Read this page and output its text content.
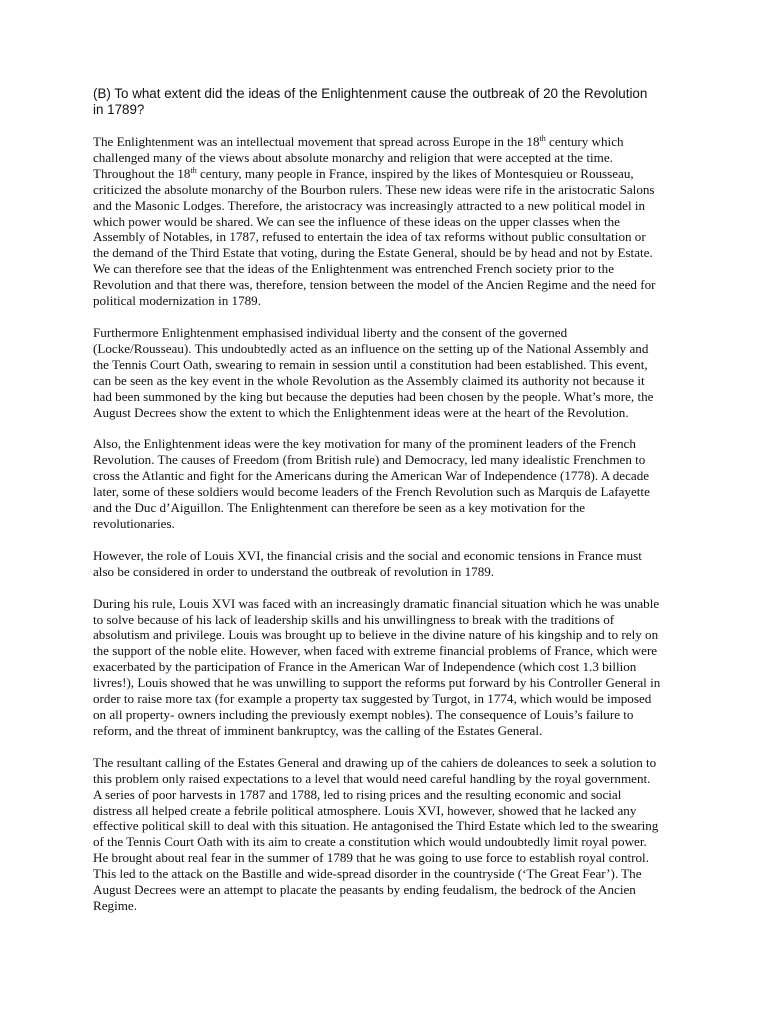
(B) To what extent did the ideas of the Enlightenment cause the outbreak of 20 the Revolution in 1789?

The Enlightenment was an intellectual movement that spread across Europe in the 18th century which challenged many of the views about absolute monarchy and religion that were accepted at the time. Throughout the 18th century, many people in France, inspired by the likes of Montesquieu or Rousseau, criticized the absolute monarchy of the Bourbon rulers. These new ideas were rife in the aristocratic Salons and the Masonic Lodges. Therefore, the aristocracy was increasingly attracted to a new political model in which power would be shared. We can see the influence of these ideas on the upper classes when the Assembly of Notables, in 1787, refused to entertain the idea of tax reforms without public consultation or the demand of the Third Estate that voting, during the Estate General, should be by head and not by Estate. We can therefore see that the ideas of the Enlightenment was entrenched French society prior to the Revolution and that there was, therefore, tension between the model of the Ancien Regime and the need for political modernization in 1789.

Furthermore Enlightenment emphasised individual liberty and the consent of the governed (Locke/Rousseau). This undoubtedly acted as an influence on the setting up of the National Assembly and the Tennis Court Oath, swearing to remain in session until a constitution had been established. This event, can be seen as the key event in the whole Revolution as the Assembly claimed its authority not because it had been summoned by the king but because the deputies had been chosen by the people. What’s more, the August Decrees show the extent to which the Enlightenment ideas were at the heart of the Revolution.

Also, the Enlightenment ideas were the key motivation for many of the prominent leaders of the French Revolution. The causes of Freedom (from British rule) and Democracy, led many idealistic Frenchmen to cross the Atlantic and fight for the Americans during the American War of Independence (1778). A decade later, some of these soldiers would become leaders of the French Revolution such as Marquis de Lafayette and the Duc d’Aiguillon. The Enlightenment can therefore be seen as a key motivation for the revolutionaries.

However, the role of Louis XVI, the financial crisis and the social and economic tensions in France must also be considered in order to understand the outbreak of revolution in 1789.

During his rule, Louis XVI was faced with an increasingly dramatic financial situation which he was unable to solve because of his lack of leadership skills and his unwillingness to break with the traditions of absolutism and privilege. Louis was brought up to believe in the divine nature of his kingship and to rely on the support of the noble elite. However, when faced with extreme financial problems of France, which were exacerbated by the participation of France in the American War of Independence (which cost 1.3 billion livres!), Louis showed that he was unwilling to support the reforms put forward by his Controller General in order to raise more tax (for example a property tax suggested by Turgot, in 1774, which would be imposed on all property- owners including the previously exempt nobles). The consequence of Louis’s failure to reform, and the threat of imminent bankruptcy, was the calling of the Estates General.

The resultant calling of the Estates General and drawing up of the cahiers de doleances to seek a solution to this problem only raised expectations to a level that would need careful handling by the royal government. A series of poor harvests in 1787 and 1788, led to rising prices and the resulting economic and social distress all helped create a febrile political atmosphere. Louis XVI, however, showed that he lacked any effective political skill to deal with this situation. He antagonised the Third Estate which led to the swearing of the Tennis Court Oath with its aim to create a constitution which would undoubtedly limit royal power. He brought about real fear in the summer of 1789 that he was going to use force to establish royal control. This led to the attack on the Bastille and wide-spread disorder in the countryside (‘The Great Fear’). The August Decrees were an attempt to placate the peasants by ending feudalism, the bedrock of the Ancien Regime.
